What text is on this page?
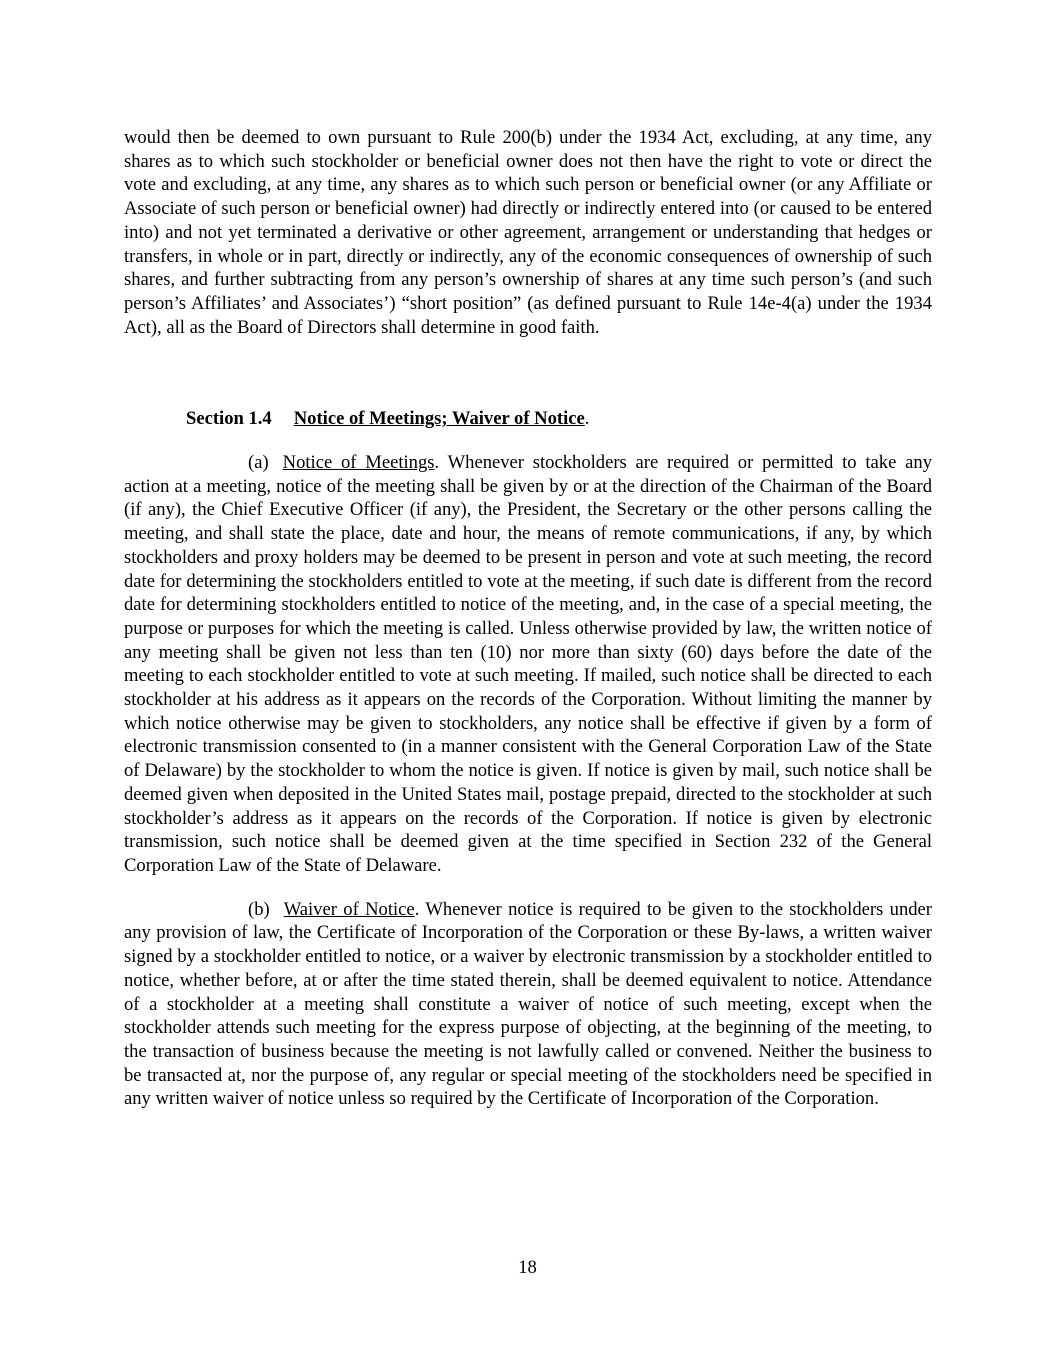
would then be deemed to own pursuant to Rule 200(b) under the 1934 Act, excluding, at any time, any shares as to which such stockholder or beneficial owner does not then have the right to vote or direct the vote and excluding, at any time, any shares as to which such person or beneficial owner (or any Affiliate or Associate of such person or beneficial owner) had directly or indirectly entered into (or caused to be entered into) and not yet terminated a derivative or other agreement, arrangement or understanding that hedges or transfers, in whole or in part, directly or indirectly, any of the economic consequences of ownership of such shares, and further subtracting from any person’s ownership of shares at any time such person’s (and such person’s Affiliates’ and Associates’) “short position” (as defined pursuant to Rule 14e-4(a) under the 1934 Act), all as the Board of Directors shall determine in good faith.

Section 1.4 Notice of Meetings; Waiver of Notice.

(a) Notice of Meetings. Whenever stockholders are required or permitted to take any action at a meeting, notice of the meeting shall be given by or at the direction of the Chairman of the Board (if any), the Chief Executive Officer (if any), the President, the Secretary or the other persons calling the meeting, and shall state the place, date and hour, the means of remote communications, if any, by which stockholders and proxy holders may be deemed to be present in person and vote at such meeting, the record date for determining the stockholders entitled to vote at the meeting, if such date is different from the record date for determining stockholders entitled to notice of the meeting, and, in the case of a special meeting, the purpose or purposes for which the meeting is called. Unless otherwise provided by law, the written notice of any meeting shall be given not less than ten (10) nor more than sixty (60) days before the date of the meeting to each stockholder entitled to vote at such meeting. If mailed, such notice shall be directed to each stockholder at his address as it appears on the records of the Corporation. Without limiting the manner by which notice otherwise may be given to stockholders, any notice shall be effective if given by a form of electronic transmission consented to (in a manner consistent with the General Corporation Law of the State of Delaware) by the stockholder to whom the notice is given. If notice is given by mail, such notice shall be deemed given when deposited in the United States mail, postage prepaid, directed to the stockholder at such stockholder’s address as it appears on the records of the Corporation. If notice is given by electronic transmission, such notice shall be deemed given at the time specified in Section 232 of the General Corporation Law of the State of Delaware.

(b) Waiver of Notice. Whenever notice is required to be given to the stockholders under any provision of law, the Certificate of Incorporation of the Corporation or these By-laws, a written waiver signed by a stockholder entitled to notice, or a waiver by electronic transmission by a stockholder entitled to notice, whether before, at or after the time stated therein, shall be deemed equivalent to notice. Attendance of a stockholder at a meeting shall constitute a waiver of notice of such meeting, except when the stockholder attends such meeting for the express purpose of objecting, at the beginning of the meeting, to the transaction of business because the meeting is not lawfully called or convened. Neither the business to be transacted at, nor the purpose of, any regular or special meeting of the stockholders need be specified in any written waiver of notice unless so required by the Certificate of Incorporation of the Corporation.

18
